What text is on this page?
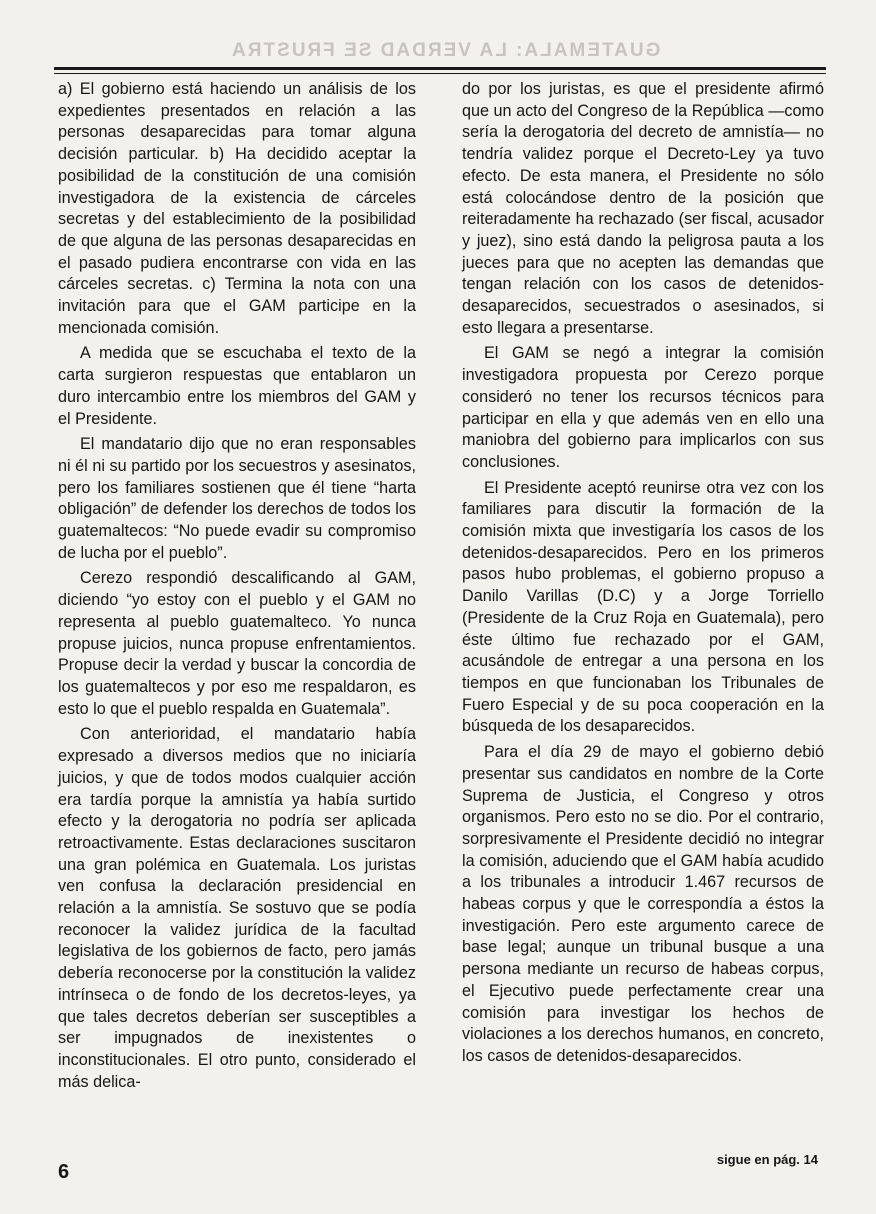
GUATEMALA: LA VERDAD SE FRUSTRA

a) El gobierno está haciendo un análisis de los expedientes presentados en relación a las personas desaparecidas para tomar alguna decisión particular. b) Ha decidido aceptar la posibilidad de la constitución de una comisión investigadora de la existencia de cárceles secretas y del establecimiento de la posibilidad de que alguna de las personas desaparecidas en el pasado pudiera encontrarse con vida en las cárceles secretas. c) Termina la nota con una invitación para que el GAM participe en la mencionada comisión.

A medida que se escuchaba el texto de la carta surgieron respuestas que entablaron un duro intercambio entre los miembros del GAM y el Presidente.

El mandatario dijo que no eran responsables ni él ni su partido por los secuestros y asesinatos, pero los familiares sostienen que él tiene “harta obligación” de defender los derechos de todos los guatemaltecos: “No puede evadir su compromiso de lucha por el pueblo”.

Cerezo respondió descalificando al GAM, diciendo “yo estoy con el pueblo y el GAM no representa al pueblo guatemalteco. Yo nunca propuse juicios, nunca propuse enfrentamientos. Propuse decir la verdad y buscar la concordia de los guatemaltecos y por eso me respaldaron, es esto lo que el pueblo respalda en Guatemala”.

Con anterioridad, el mandatario había expresado a diversos medios que no iniciaría juicios, y que de todos modos cualquier acción era tardía porque la amnistía ya había surtido efecto y la derogatoria no podría ser aplicada retroactivamente. Estas declaraciones suscitaron una gran polémica en Guatemala. Los juristas ven confusa la declaración presidencial en relación a la amnistía. Se sostuvo que se podía reconocer la validez jurídica de la facultad legislativa de los gobiernos de facto, pero jamás debería reconocerse por la constitución la validez intrínseca o de fondo de los decretos-leyes, ya que tales decretos deberían ser susceptibles a ser impugnados de inexistentes o inconstitucionales. El otro punto, considerado el más delica-

do por los juristas, es que el presidente afirmó que un acto del Congreso de la República —como sería la derogatoria del decreto de amnistía— no tendría validez porque el Decreto-Ley ya tuvo efecto. De esta manera, el Presidente no sólo está colocándose dentro de la posición que reiteradamente ha rechazado (ser fiscal, acusador y juez), sino está dando la peligrosa pauta a los jueces para que no acepten las demandas que tengan relación con los casos de detenidos-desaparecidos, secuestrados o asesinados, si esto llegara a presentarse.

El GAM se negó a integrar la comisión investigadora propuesta por Cerezo porque consideró no tener los recursos técnicos para participar en ella y que además ven en ello una maniobra del gobierno para implicarlos con sus conclusiones.

El Presidente aceptó reunirse otra vez con los familiares para discutir la formación de la comisión mixta que investigaría los casos de los detenidos-desaparecidos. Pero en los primeros pasos hubo problemas, el gobierno propuso a Danilo Varillas (D.C) y a Jorge Torriello (Presidente de la Cruz Roja en Guatemala), pero éste último fue rechazado por el GAM, acusándole de entregar a una persona en los tiempos en que funcionaban los Tribunales de Fuero Especial y de su poca cooperación en la búsqueda de los desaparecidos.

Para el día 29 de mayo el gobierno debió presentar sus candidatos en nombre de la Corte Suprema de Justicia, el Congreso y otros organismos. Pero esto no se dio. Por el contrario, sorpresivamente el Presidente decidió no integrar la comisión, aduciendo que el GAM había acudido a los tribunales a introducir 1.467 recursos de habeas corpus y que le correspondía a éstos la investigación. Pero este argumento carece de base legal; aunque un tribunal busque a una persona mediante un recurso de habeas corpus, el Ejecutivo puede perfectamente crear una comisión para investigar los hechos de violaciones a los derechos humanos, en concreto, los casos de detenidos-desaparecidos.

6
sigue en pág. 14
